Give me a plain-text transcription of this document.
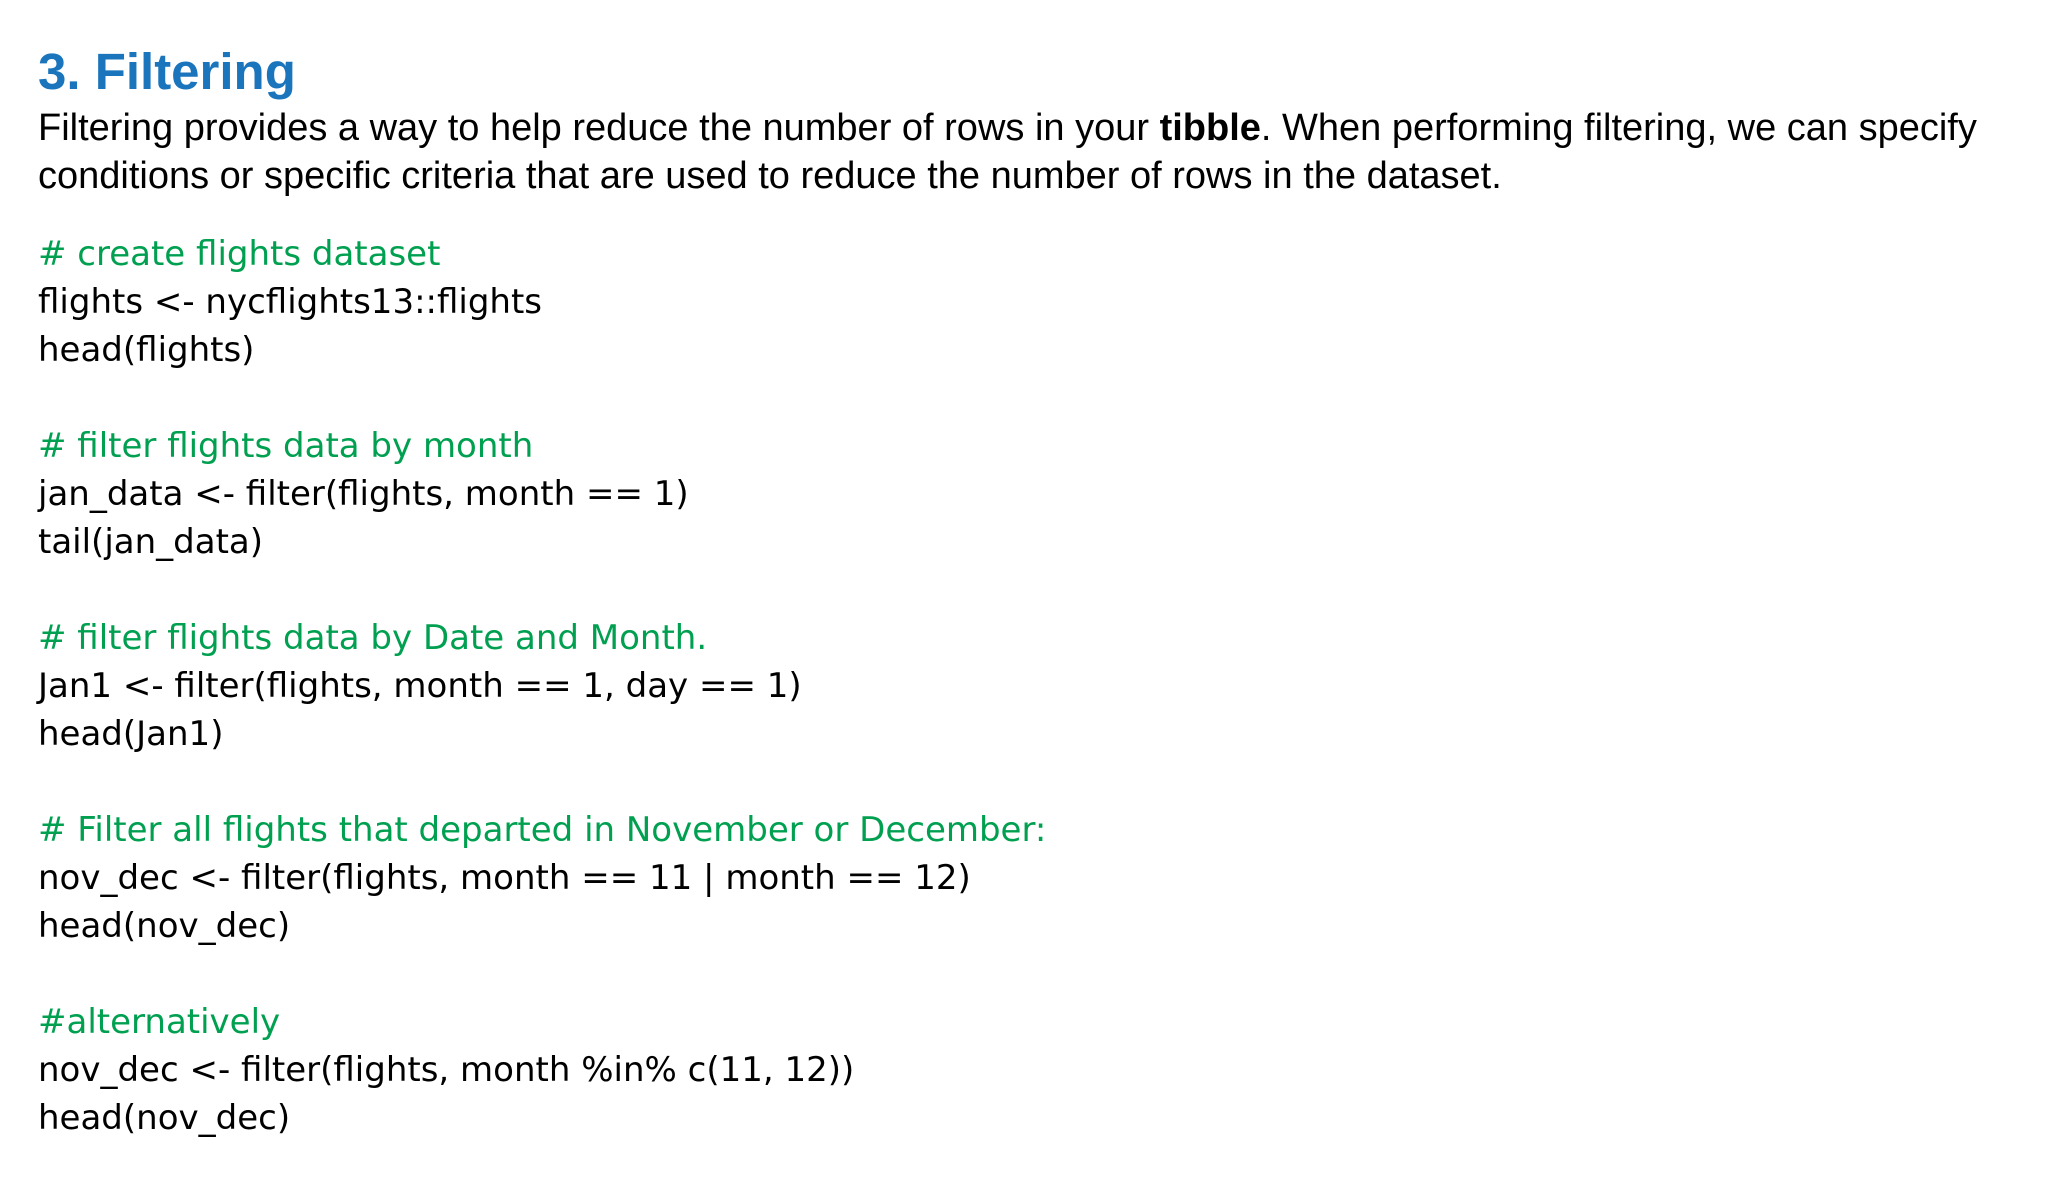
3. Filtering

Filtering provides a way to help reduce the number of rows in your tibble. When performing filtering, we can specify conditions or specific criteria that are used to reduce the number of rows in the dataset.

# create flights dataset
flights <- nycflights13::flights
head(flights)
# filter flights data by month
jan_data <- filter(flights, month == 1)
tail(jan_data)
# filter flights data by Date and Month.
Jan1 <- filter(flights, month == 1, day == 1)
head(Jan1)
# Filter all flights that departed in November or December:
nov_dec <- filter(flights, month == 11 | month == 12)
head(nov_dec)
#alternatively
nov_dec <- filter(flights, month %in% c(11, 12))
head(nov_dec)
